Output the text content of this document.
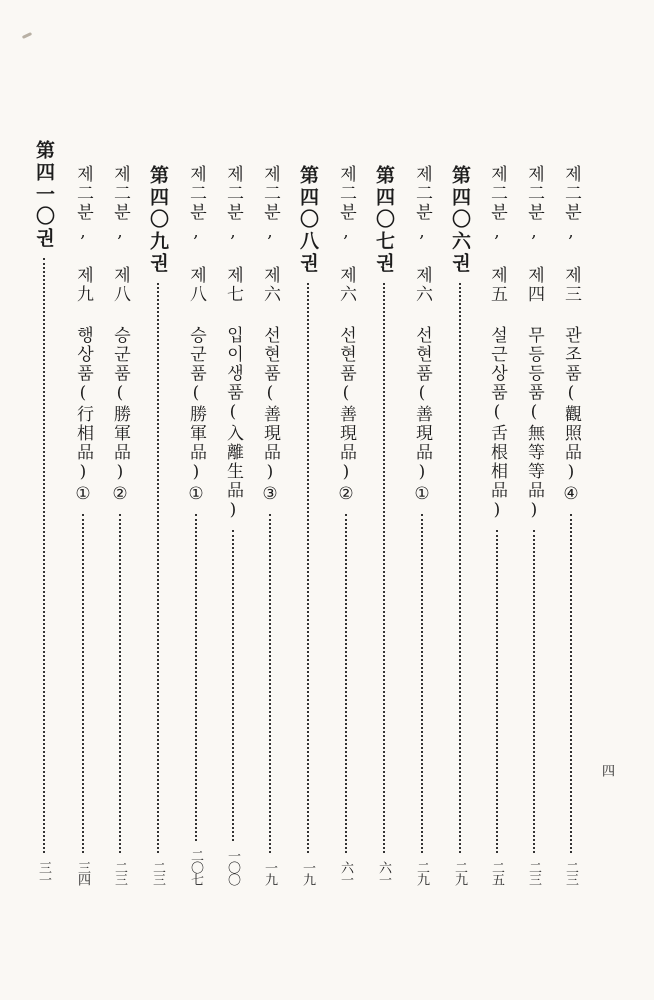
제二분, 제三 관조품(觀照品)④
二三
제二분, 제四 무등등품(無等等品)
二三
제二분, 제五 설근상품(舌根相品)
二五
第四〇六권
二九
제二분, 제六 선현품(善現品)①
二九
第四〇七권
六一
제二분, 제六 선현품(善現品)②
六一
第四〇八권
一九
제二분, 제六 선현품(善現品)③
一九
제二분, 제七 입이생품(入離生品)
一〇〇
제二분, 제八 승군품(勝軍品)①
二〇七
第四〇九권
二三
제二분, 제八 승군품(勝軍品)②
二三
제二분, 제九 행상품(行相品)①
三四
第四一〇권
三一
四
